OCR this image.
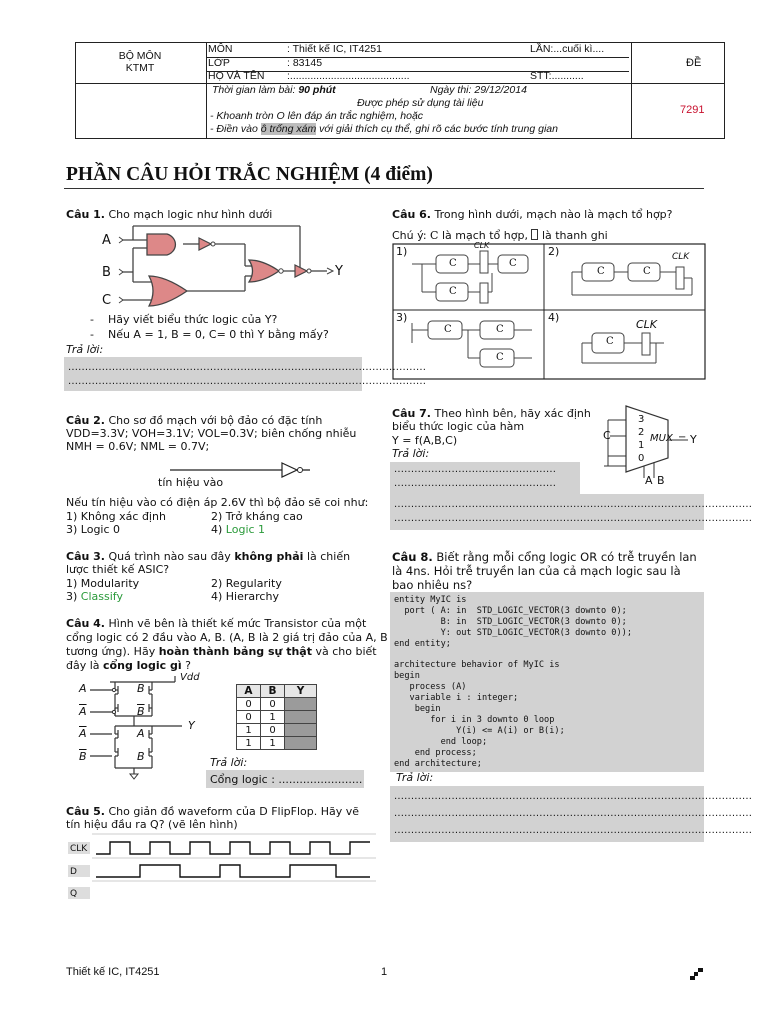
BỘ MÔN
KTMT
MÔN	: Thiết kế IC, IT4251	LẦN:...cuối kì....
LỚP	: 83145
HỌ VÀ TÊN :.........................................	STT:...........
ĐỀ
Thời gian làm bài: 90 phút	Ngày thi: 29/12/2014
Được phép sử dụng tài liệu
- Khoanh tròn O lên đáp án trắc nghiệm, hoặc
- Điền vào ô trống xám với giải thích cụ thể, ghi rõ các bước tính trung gian
7291
PHẦN CÂU HỎI TRẮC NGHIỆM (4 điểm)
Câu 1. Cho mạch logic như hình dưới
A
B
C
Y
-    Hãy viết biểu thức logic của Y?
-    Nếu A = 1, B = 0, C= 0 thì Y bằng mấy?
Trả lời:
..........................................................................................................
..........................................................................................................
Câu 2. Cho sơ đồ mạch với bộ đảo có đặc tính VDD=3.3V; VOH=3.1V; VOL=0.3V; biên chống nhiễu NMH = 0.6V; NML = 0.7V;
tín hiệu vào
Nếu tín hiệu vào có điện áp 2.6V thì bộ đảo sẽ coi như:
1) Không xác định	2) Trở kháng cao
3) Logic 0	4) Logic 1
Câu 3. Quá trình nào sau đây không phải là chiến lược thiết kế ASIC?
1) Modularity	2) Regularity
3) Classify	4) Hierarchy
Câu 4. Hình vẽ bên là thiết kế mức Transistor của một
cổng logic có 2 đầu vào A, B. (A, B là 2 giá trị đảo của A, B
tương ứng). Hãy hoàn thành bảng sự thật và cho biết
đây là cổng logic gì ?
A	B
$\overline{A}$	$\overline{B}$
$\overline{A}$	A
$\overline{B}$	B
Vdd
Y
A	B	Y
0	0	
0	1	
1	0	
1	1	
Trả lời:
Cổng logic : ........................
Câu 5. Cho giản đồ waveform của D FlipFlop. Hãy vẽ tín hiệu đầu ra Q? (vẽ lên hình)
CLK
D
Q
Câu 6. Trong hình dưới, mạch nào là mạch tổ hợp?
Chú ý: C là mạch tổ hợp,  là thanh ghi
1)	2)
3)	4)
CLK
CLK
CLK
C	C
C
C	C
C	C
C
C
Câu 7. Theo hình bên, hãy xác định biểu thức logic của hàm
Y = f(A,B,C)
Trả lời:
C	Y
−
MUX
3
2
1
0
A B
................................................
................................................
..........................................................................................................
..........................................................................................................
Câu 8. Biết rằng mỗi cổng logic OR có trễ truyền lan là 4ns. Hỏi trễ truyền lan của cả mạch logic sau là bao nhiêu ns?
entity MyIC is
port ( A: in  STD_LOGIC_VECTOR(3 downto 0);
B: in  STD_LOGIC_VECTOR(3 downto 0);
Y: out STD_LOGIC_VECTOR(3 downto 0));
end entity;

architecture behavior of MyIC is
begin
process (A)
variable i : integer;
begin
for i in 3 downto 0 loop
Y(i) <= A(i) or B(i);
end loop;
end process;
end architecture;
Trả lời:
..........................................................................................................
..........................................................................................................
..........................................................................................................
Thiết kế IC, IT4251	1
